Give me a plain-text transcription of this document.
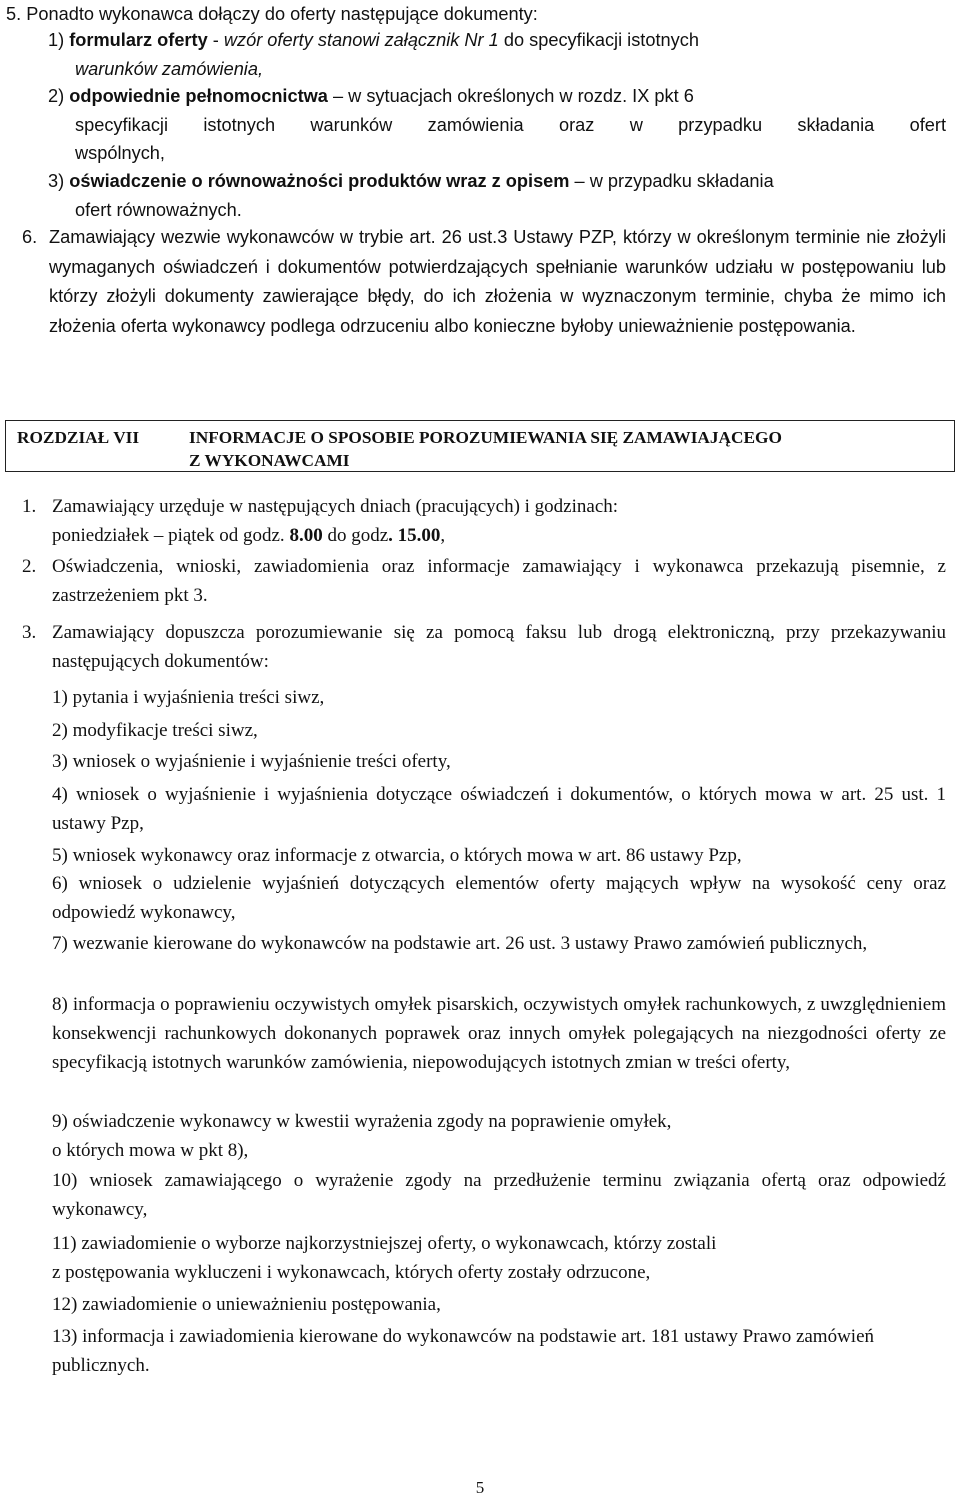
5. Ponadto wykonawca dołączy do oferty następujące dokumenty:
1) formularz oferty - wzór oferty stanowi załącznik Nr 1 do specyfikacji istotnych
warunków zamówienia,
2) odpowiednie pełnomocnictwa – w sytuacjach określonych w rozdz. IX pkt 6
specyfikacji istotnych warunków zamówienia oraz w przypadku składania ofert
wspólnych,
3) oświadczenie o równoważności produktów wraz z opisem – w przypadku składania
ofert równoważnych.
6. Zamawiający wezwie wykonawców w trybie art. 26 ust.3 Ustawy PZP, którzy w określonym terminie nie złożyli wymaganych oświadczeń i dokumentów potwierdzających spełnianie warunków udziału w postępowaniu lub którzy złożyli dokumenty zawierające błędy, do ich złożenia w wyznaczonym terminie, chyba że mimo ich złożenia oferta wykonawcy podlega odrzuceniu albo konieczne byłoby unieważnienie postępowania.
ROZDZIAŁ VII	INFORMACJE O SPOSOBIE POROZUMIEWANIA SIĘ ZAMAWIAJĄCEGO
Z WYKONAWCAMI
1. Zamawiający urzęduje w następujących dniach (pracujących) i godzinach:
poniedziałek – piątek od godz. 8.00 do godz. 15.00,
2. Oświadczenia, wnioski, zawiadomienia oraz informacje zamawiający i wykonawca przekazują pisemnie, z zastrzeżeniem pkt 3.
3. Zamawiający dopuszcza porozumiewanie się za pomocą faksu lub drogą elektroniczną, przy przekazywaniu następujących dokumentów:
1) pytania i wyjaśnienia treści siwz,
2) modyfikacje treści siwz,
3) wniosek o wyjaśnienie i wyjaśnienie treści oferty,
4) wniosek o wyjaśnienie i wyjaśnienia dotyczące oświadczeń i dokumentów, o których mowa w art. 25 ust. 1 ustawy Pzp,
5) wniosek wykonawcy oraz informacje z otwarcia, o których mowa w art. 86 ustawy Pzp,
6) wniosek o udzielenie wyjaśnień dotyczących elementów oferty mających wpływ na wysokość ceny oraz odpowiedź wykonawcy,
7) wezwanie kierowane do wykonawców na podstawie art. 26 ust. 3 ustawy Prawo zamówień publicznych,
8) informacja o poprawieniu oczywistych omyłek pisarskich, oczywistych omyłek rachunkowych, z uwzględnieniem konsekwencji rachunkowych dokonanych poprawek oraz innych omyłek polegających na niezgodności oferty ze specyfikacją istotnych warunków zamówienia, niepowodujących istotnych zmian w treści oferty,
9) oświadczenie wykonawcy w kwestii wyrażenia zgody na poprawienie omyłek,
o których mowa w pkt 8),
10) wniosek zamawiającego o wyrażenie zgody na przedłużenie terminu związania ofertą oraz odpowiedź wykonawcy,
11) zawiadomienie o wyborze najkorzystniejszej oferty, o wykonawcach, którzy zostali
z postępowania wykluczeni i wykonawcach, których oferty zostały odrzucone,
12) zawiadomienie o unieważnieniu postępowania,
13) informacja i zawiadomienia kierowane do wykonawców na podstawie art. 181 ustawy Prawo zamówień publicznych.
5
